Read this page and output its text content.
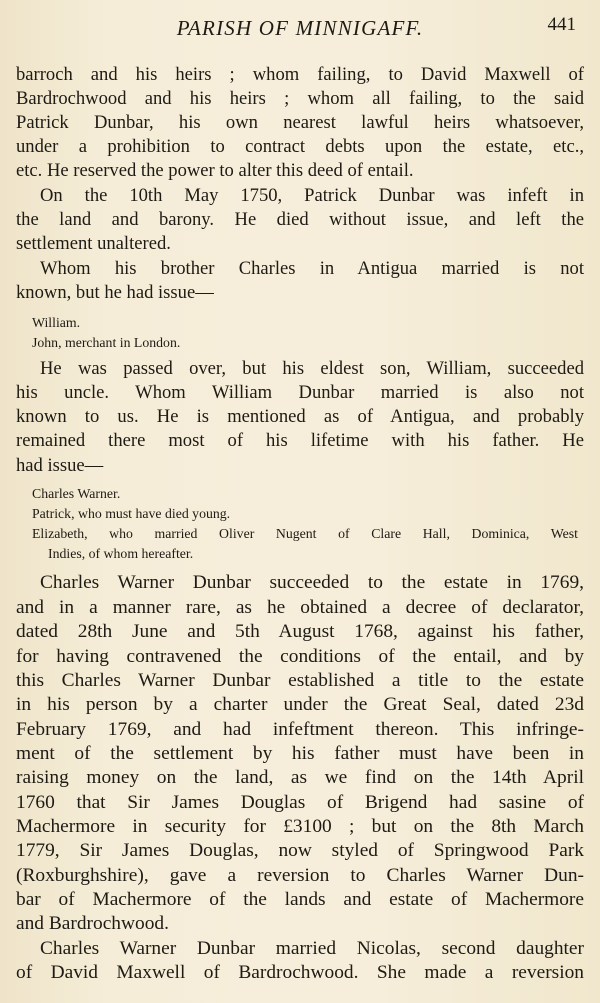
PARISH OF MINNIGAFF.	441
barroch and his heirs ; whom failing, to David Maxwell of
Bardrochwood and his heirs ; whom all failing, to the said
Patrick Dunbar, his own nearest lawful heirs whatsoever,
under a prohibition to contract debts upon the estate, etc.,
etc. He reserved the power to alter this deed of entail.
On the 10th May 1750, Patrick Dunbar was infeft in
the land and barony. He died without issue, and left the
settlement unaltered.
Whom his brother Charles in Antigua married is not
known, but he had issue—
William.
John, merchant in London.
He was passed over, but his eldest son, William, succeeded
his uncle. Whom William Dunbar married is also not
known to us. He is mentioned as of Antigua, and probably
remained there most of his lifetime with his father. He
had issue—
Charles Warner.
Patrick, who must have died young.
Elizabeth, who married Oliver Nugent of Clare Hall, Dominica, West
Indies, of whom hereafter.
Charles Warner Dunbar succeeded to the estate in 1769,
and in a manner rare, as he obtained a decree of declarator,
dated 28th June and 5th August 1768, against his father,
for having contravened the conditions of the entail, and by
this Charles Warner Dunbar established a title to the estate
in his person by a charter under the Great Seal, dated 23d
February 1769, and had infeftment thereon. This infringe-
ment of the settlement by his father must have been in
raising money on the land, as we find on the 14th April
1760 that Sir James Douglas of Brigend had sasine of
Machermore in security for £3100 ; but on the 8th March
1779, Sir James Douglas, now styled of Springwood Park
(Roxburghshire), gave a reversion to Charles Warner Dun-
bar of Machermore of the lands and estate of Machermore
and Bardrochwood.
Charles Warner Dunbar married Nicolas, second daughter
of David Maxwell of Bardrochwood. She made a reversion
